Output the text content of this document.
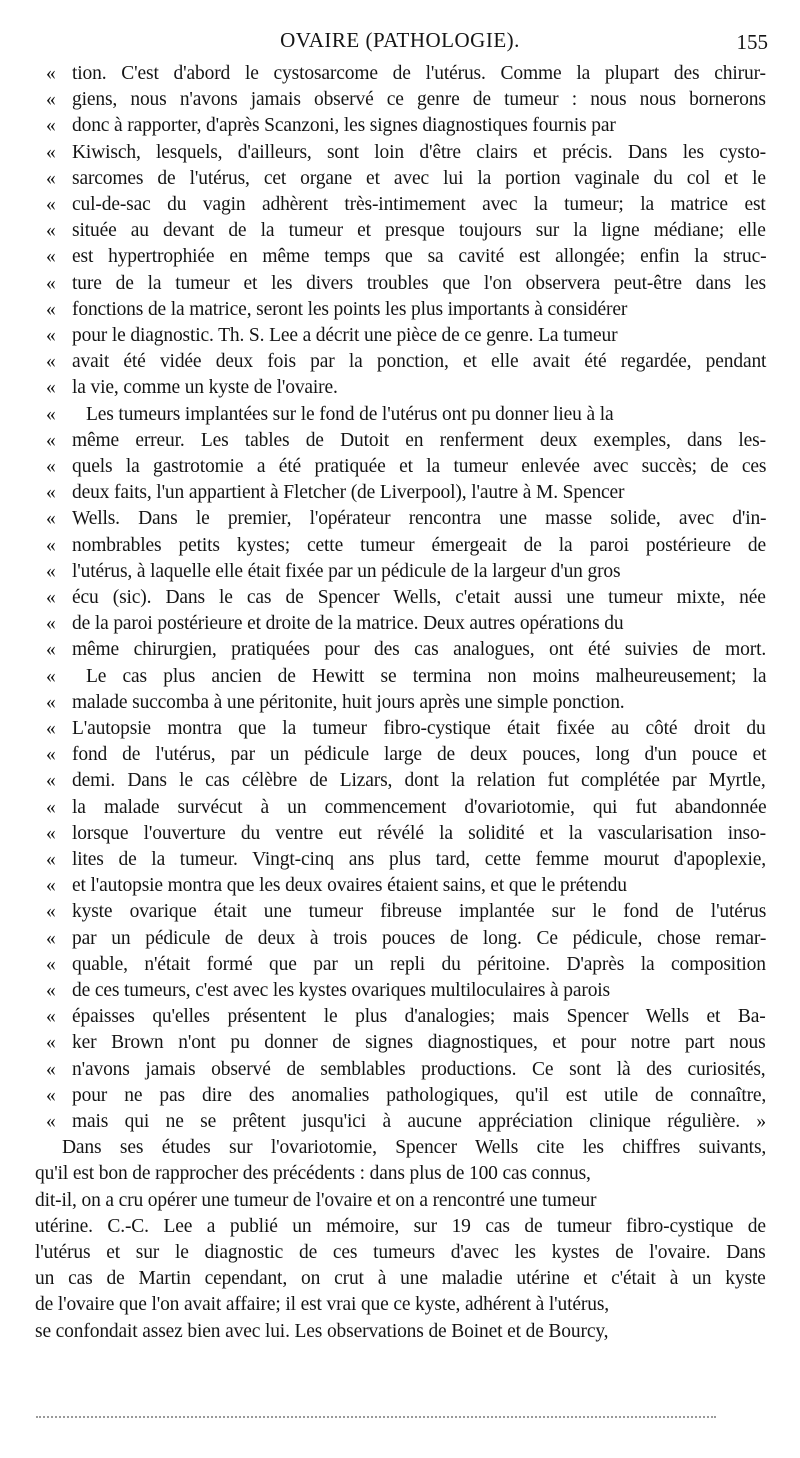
OVAIRE (PATHOLOGIE).	155
« tion. C'est d'abord le cystosarcome de l'utérus. Comme la plupart des chirur-
« giens, nous n'avons jamais observé ce genre de tumeur : nous nous bornerons
« donc à rapporter, d'après Scanzoni, les signes diagnostiques fournis par
« Kiwisch, lesquels, d'ailleurs, sont loin d'être clairs et précis. Dans les cysto-
« sarcomes de l'utérus, cet organe et avec lui la portion vaginale du col et le
« cul-de-sac du vagin adhèrent très-intimement avec la tumeur; la matrice est
« située au devant de la tumeur et presque toujours sur la ligne médiane; elle
« est hypertrophiée en même temps que sa cavité est allongée; enfin la struc-
« ture de la tumeur et les divers troubles que l'on observera peut-être dans les
« fonctions de la matrice, seront les points les plus importants à considérer
« pour le diagnostic. Th. S. Lee a décrit une pièce de ce genre. La tumeur
« avait été vidée deux fois par la ponction, et elle avait été regardée, pendant
« la vie, comme un kyste de l'ovaire.
« Les tumeurs implantées sur le fond de l'utérus ont pu donner lieu à la
« même erreur. Les tables de Dutoit en renferment deux exemples, dans les-
« quels la gastrotomie a été pratiquée et la tumeur enlevée avec succès; de ces
« deux faits, l'un appartient à Fletcher (de Liverpool), l'autre à M. Spencer
« Wells. Dans le premier, l'opérateur rencontra une masse solide, avec d'in-
« nombrables petits kystes; cette tumeur émergeait de la paroi postérieure de
« l'utérus, à laquelle elle était fixée par un pédicule de la largeur d'un gros
« écu (sic). Dans le cas de Spencer Wells, c'etait aussi une tumeur mixte, née
« de la paroi postérieure et droite de la matrice. Deux autres opérations du
« même chirurgien, pratiquées pour des cas analogues, ont été suivies de mort.
« Le cas plus ancien de Hewitt se termina non moins malheureusement; la
« malade succomba à une péritonite, huit jours après une simple ponction.
« L'autopsie montra que la tumeur fibro-cystique était fixée au côté droit du
« fond de l'utérus, par un pédicule large de deux pouces, long d'un pouce et
« demi. Dans le cas célèbre de Lizars, dont la relation fut complétée par Myrtle,
« la malade survécut à un commencement d'ovariotomie, qui fut abandonnée
« lorsque l'ouverture du ventre eut révélé la solidité et la vascularisation inso-
« lites de la tumeur. Vingt-cinq ans plus tard, cette femme mourut d'apoplexie,
« et l'autopsie montra que les deux ovaires étaient sains, et que le prétendu
« kyste ovarique était une tumeur fibreuse implantée sur le fond de l'utérus
« par un pédicule de deux à trois pouces de long. Ce pédicule, chose remar-
« quable, n'était formé que par un repli du péritoine. D'après la composition
« de ces tumeurs, c'est avec les kystes ovariques multiloculaires à parois
« épaisses qu'elles présentent le plus d'analogies; mais Spencer Wells et Ba-
« ker Brown n'ont pu donner de signes diagnostiques, et pour notre part nous
« n'avons jamais observé de semblables productions. Ce sont là des curiosités,
« pour ne pas dire des anomalies pathologiques, qu'il est utile de connaître,
« mais qui ne se prêtent jusqu'ici à aucune appréciation clinique régulière. »
Dans ses études sur l'ovariotomie, Spencer Wells cite les chiffres suivants,
qu'il est bon de rapprocher des précédents : dans plus de 100 cas connus,
dit-il, on a cru opérer une tumeur de l'ovaire et on a rencontré une tumeur
utérine. C.-C. Lee a publié un mémoire, sur 19 cas de tumeur fibro-cystique de
l'utérus et sur le diagnostic de ces tumeurs d'avec les kystes de l'ovaire. Dans
un cas de Martin cependant, on crut à une maladie utérine et c'était à un kyste
de l'ovaire que l'on avait affaire; il est vrai que ce kyste, adhérent à l'utérus,
se confondait assez bien avec lui. Les observations de Boinet et de Bourcy,
